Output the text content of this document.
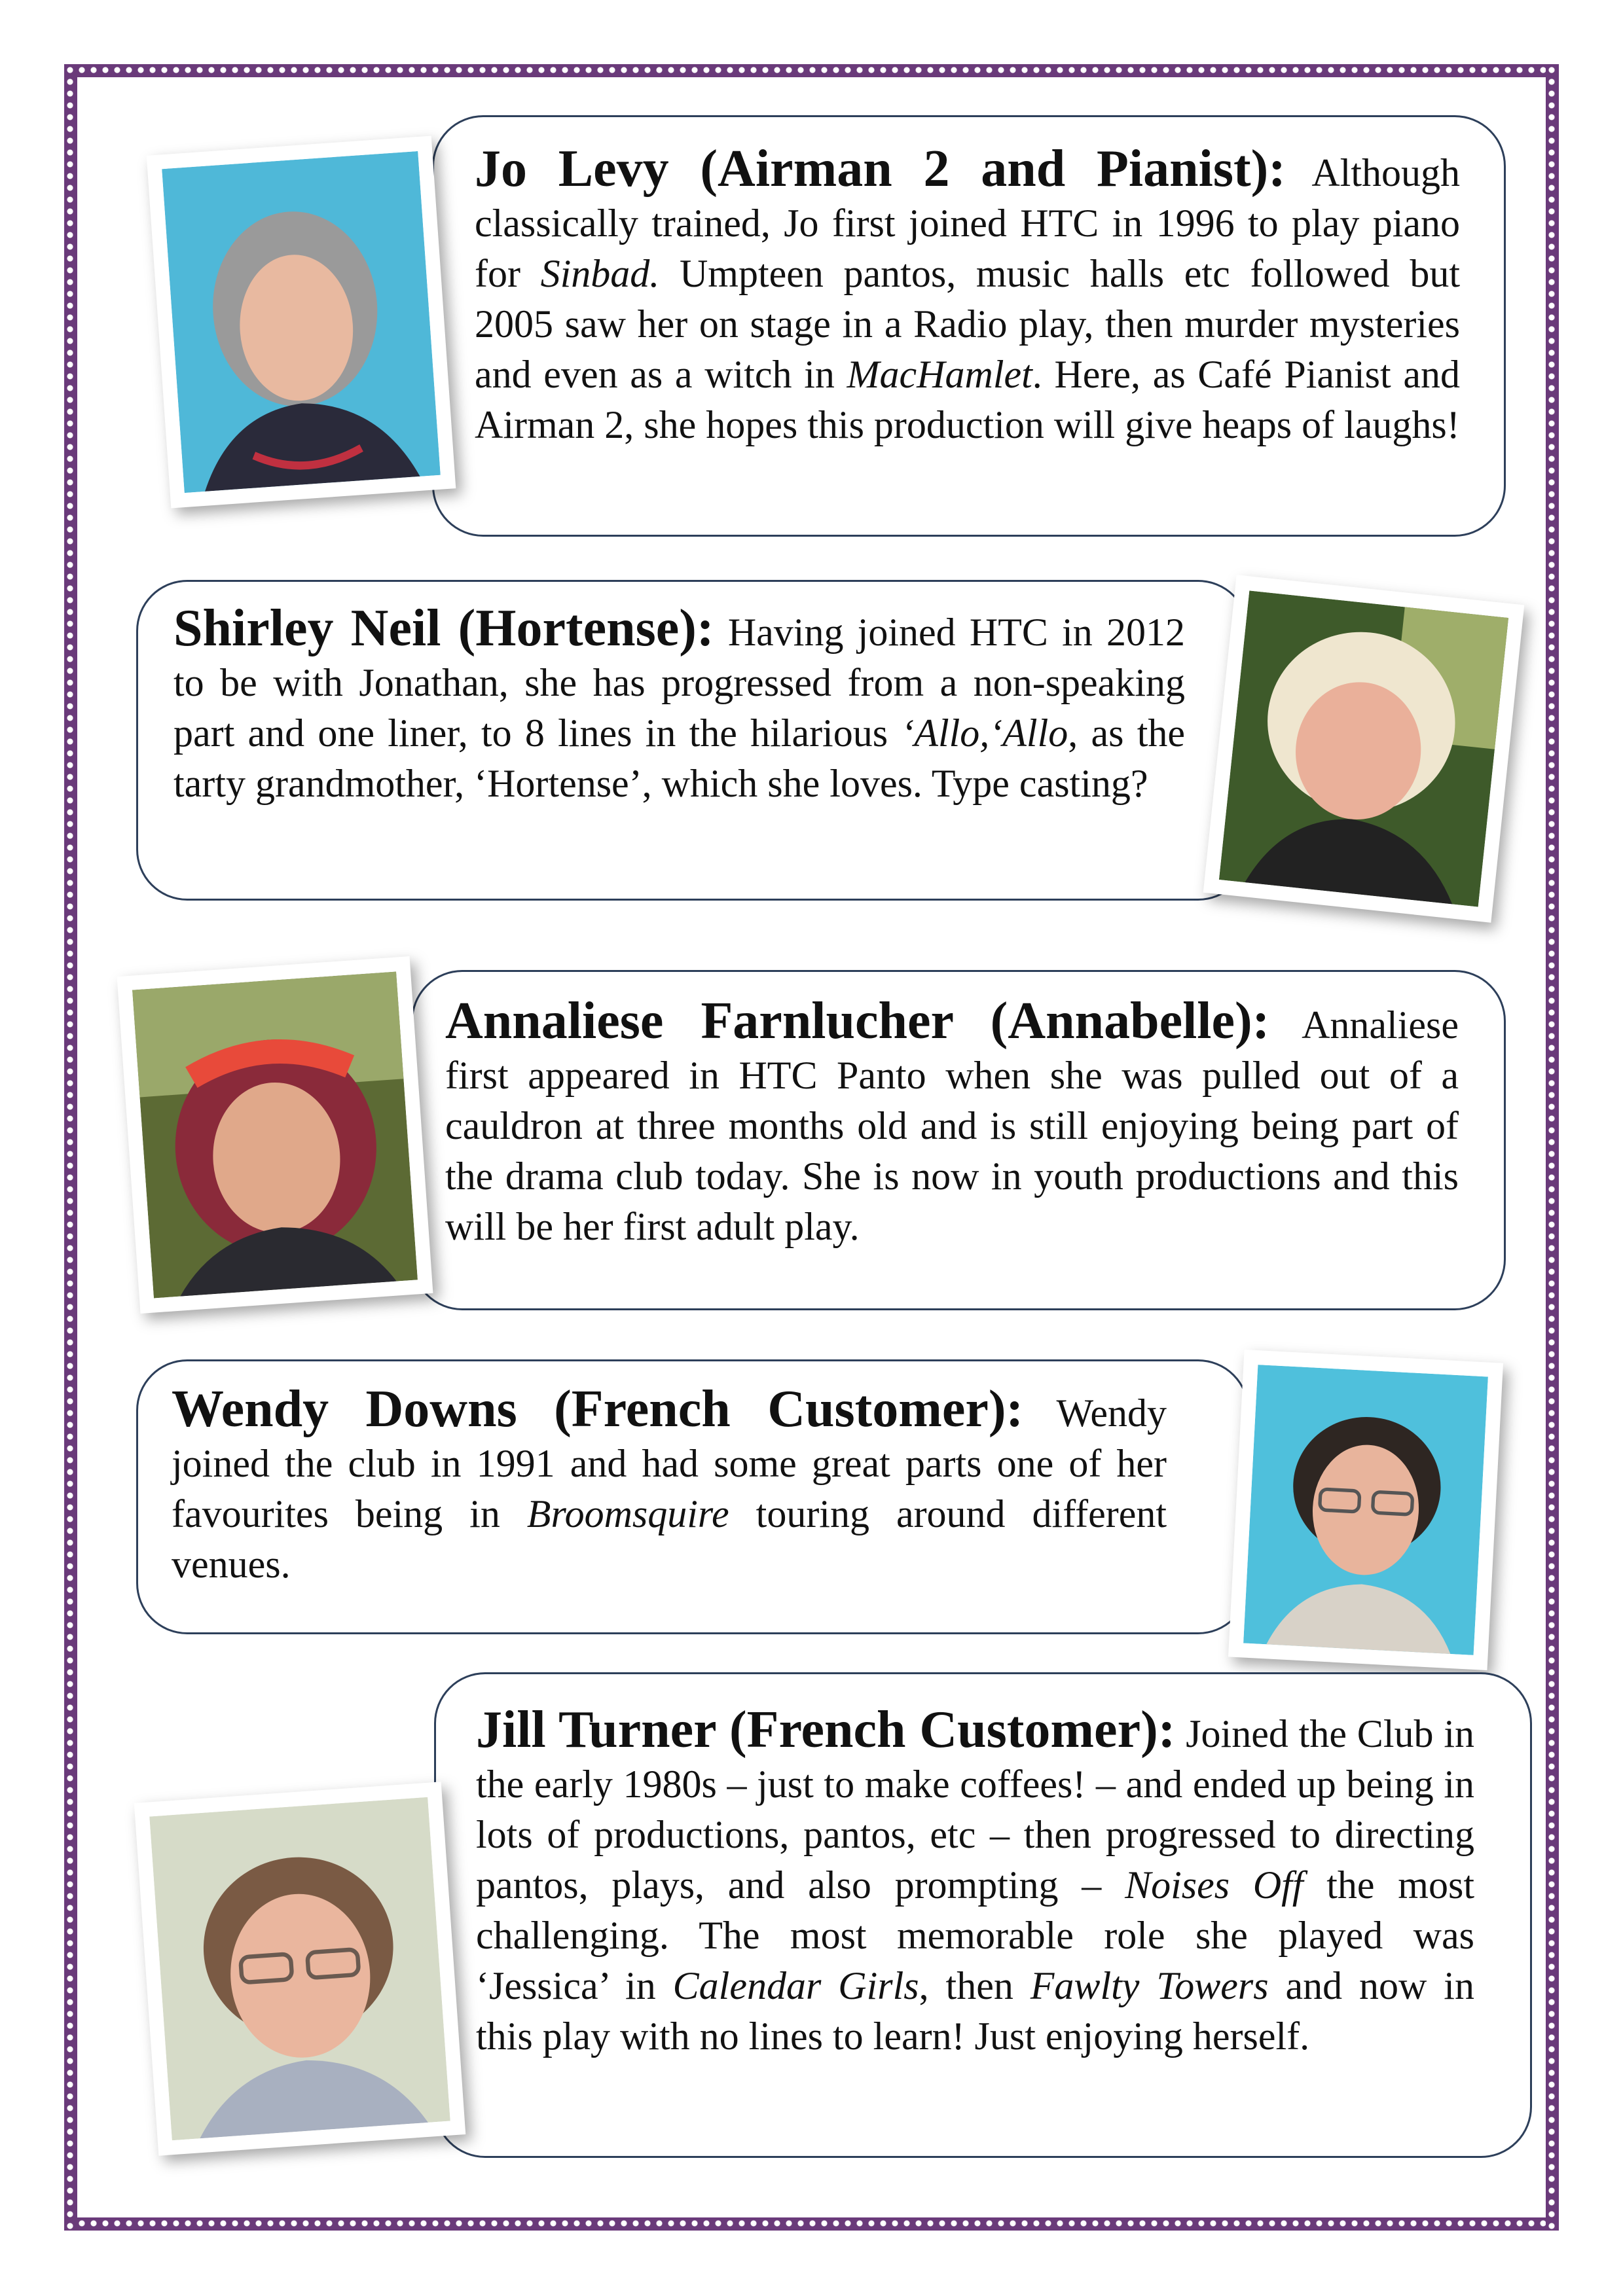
Jo Levy (Airman 2 and Pianist): Although classically trained, Jo first joined HTC in 1996 to play piano for Sinbad. Umpteen pantos, music halls etc followed but 2005 saw her on stage in a Radio play, then murder mysteries and even as a witch in MacHamlet. Here, as Café Pianist and Airman 2, she hopes this production will give heaps of laughs!

Shirley Neil (Hortense): Having joined HTC in 2012 to be with Jonathan, she has progressed from a non-speaking part and one liner, to 8 lines in the hilarious ‘Allo,‘Allo, as the tarty grandmother, ‘Hortense’, which she loves. Type casting?

Annaliese Farnlucher (Annabelle): Annaliese first appeared in HTC Panto when she was pulled out of a cauldron at three months old and is still enjoying being part of the drama club today. She is now in youth productions and this will be her first adult play.

Wendy Downs (French Customer): Wendy joined the club in 1991 and had some great parts one of her favourites being in Broomsquire touring around different venues.

Jill Turner (French Customer): Joined the Club in the early 1980s – just to make coffees! – and ended up being in lots of productions, pantos, etc – then progressed to directing pantos, plays, and also prompting – Noises Off the most challenging. The most memorable role she played was ‘Jessica’ in Calendar Girls, then Fawlty Towers and now in this play with no lines to learn! Just enjoying herself.
